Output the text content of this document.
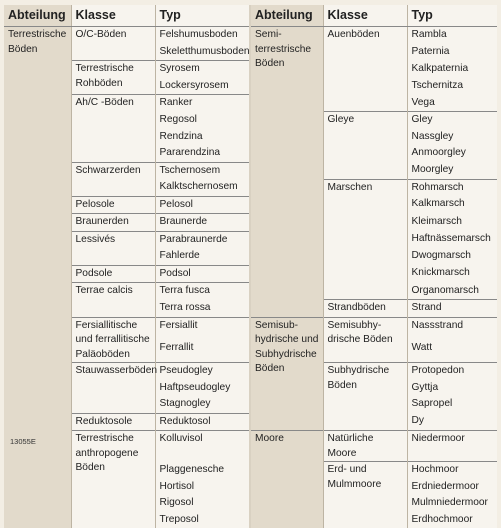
Abteilung	Klasse	Typ	Abteilung	Klasse	Typ
Terrestrische Böden	O/C-Böden	Felshumusboden	Semi-terrestrische Böden	Auenböden	Rambla
		Skeletthumusboden			Paternia
	Terrestrische Rohböden	Syrosem			Kalkpaternia
		Lockersyrosem			Tschernitza
	Ah/C -Böden	Ranker			Vega
		Regosol		Gleye	Gley
		Rendzina			Nassgley
		Pararendzina			Anmoorgley
	Schwarzerden	Tschernosem			Moorgley
		Kalktschernosem		Marschen	Rohmarsch
	Pelosole	Pelosol			Kalkmarsch
	Braunerden	Braunerde			Kleimarsch
	Lessivés	Parabraunerde			Haftnässemarsch
		Fahlerde			Dwogmarsch
	Podsole	Podsol			Knickmarsch
	Terrae calcis	Terra fusca			Organomarsch
		Terra rossa		Strandböden	Strand
	Fersiallitische und ferrallitische Paläoböden	Fersiallit	Semisub-hydrische und Subhydrische Böden	Semisubhy-drische Böden	Nassstrand
		Ferrallit			Watt
	Stauwasserböden	Pseudogley		Subhydrische Böden	Protopedon
		Haftpseudogley			Gyttja
		Stagnogley			Sapropel
	Reduktosole	Reduktosol			Dy
	Terrestrische anthropogene Böden	Kolluvisol	Moore	Natürliche Moore	Niedermoor
		Plaggenesche		Erd- und Mulmmoore	Hochmoor
		Hortisol			Erdniedermoor
		Rigosol			Mulmniedermoor
		Treposol			Erdhochmoor
13055E
